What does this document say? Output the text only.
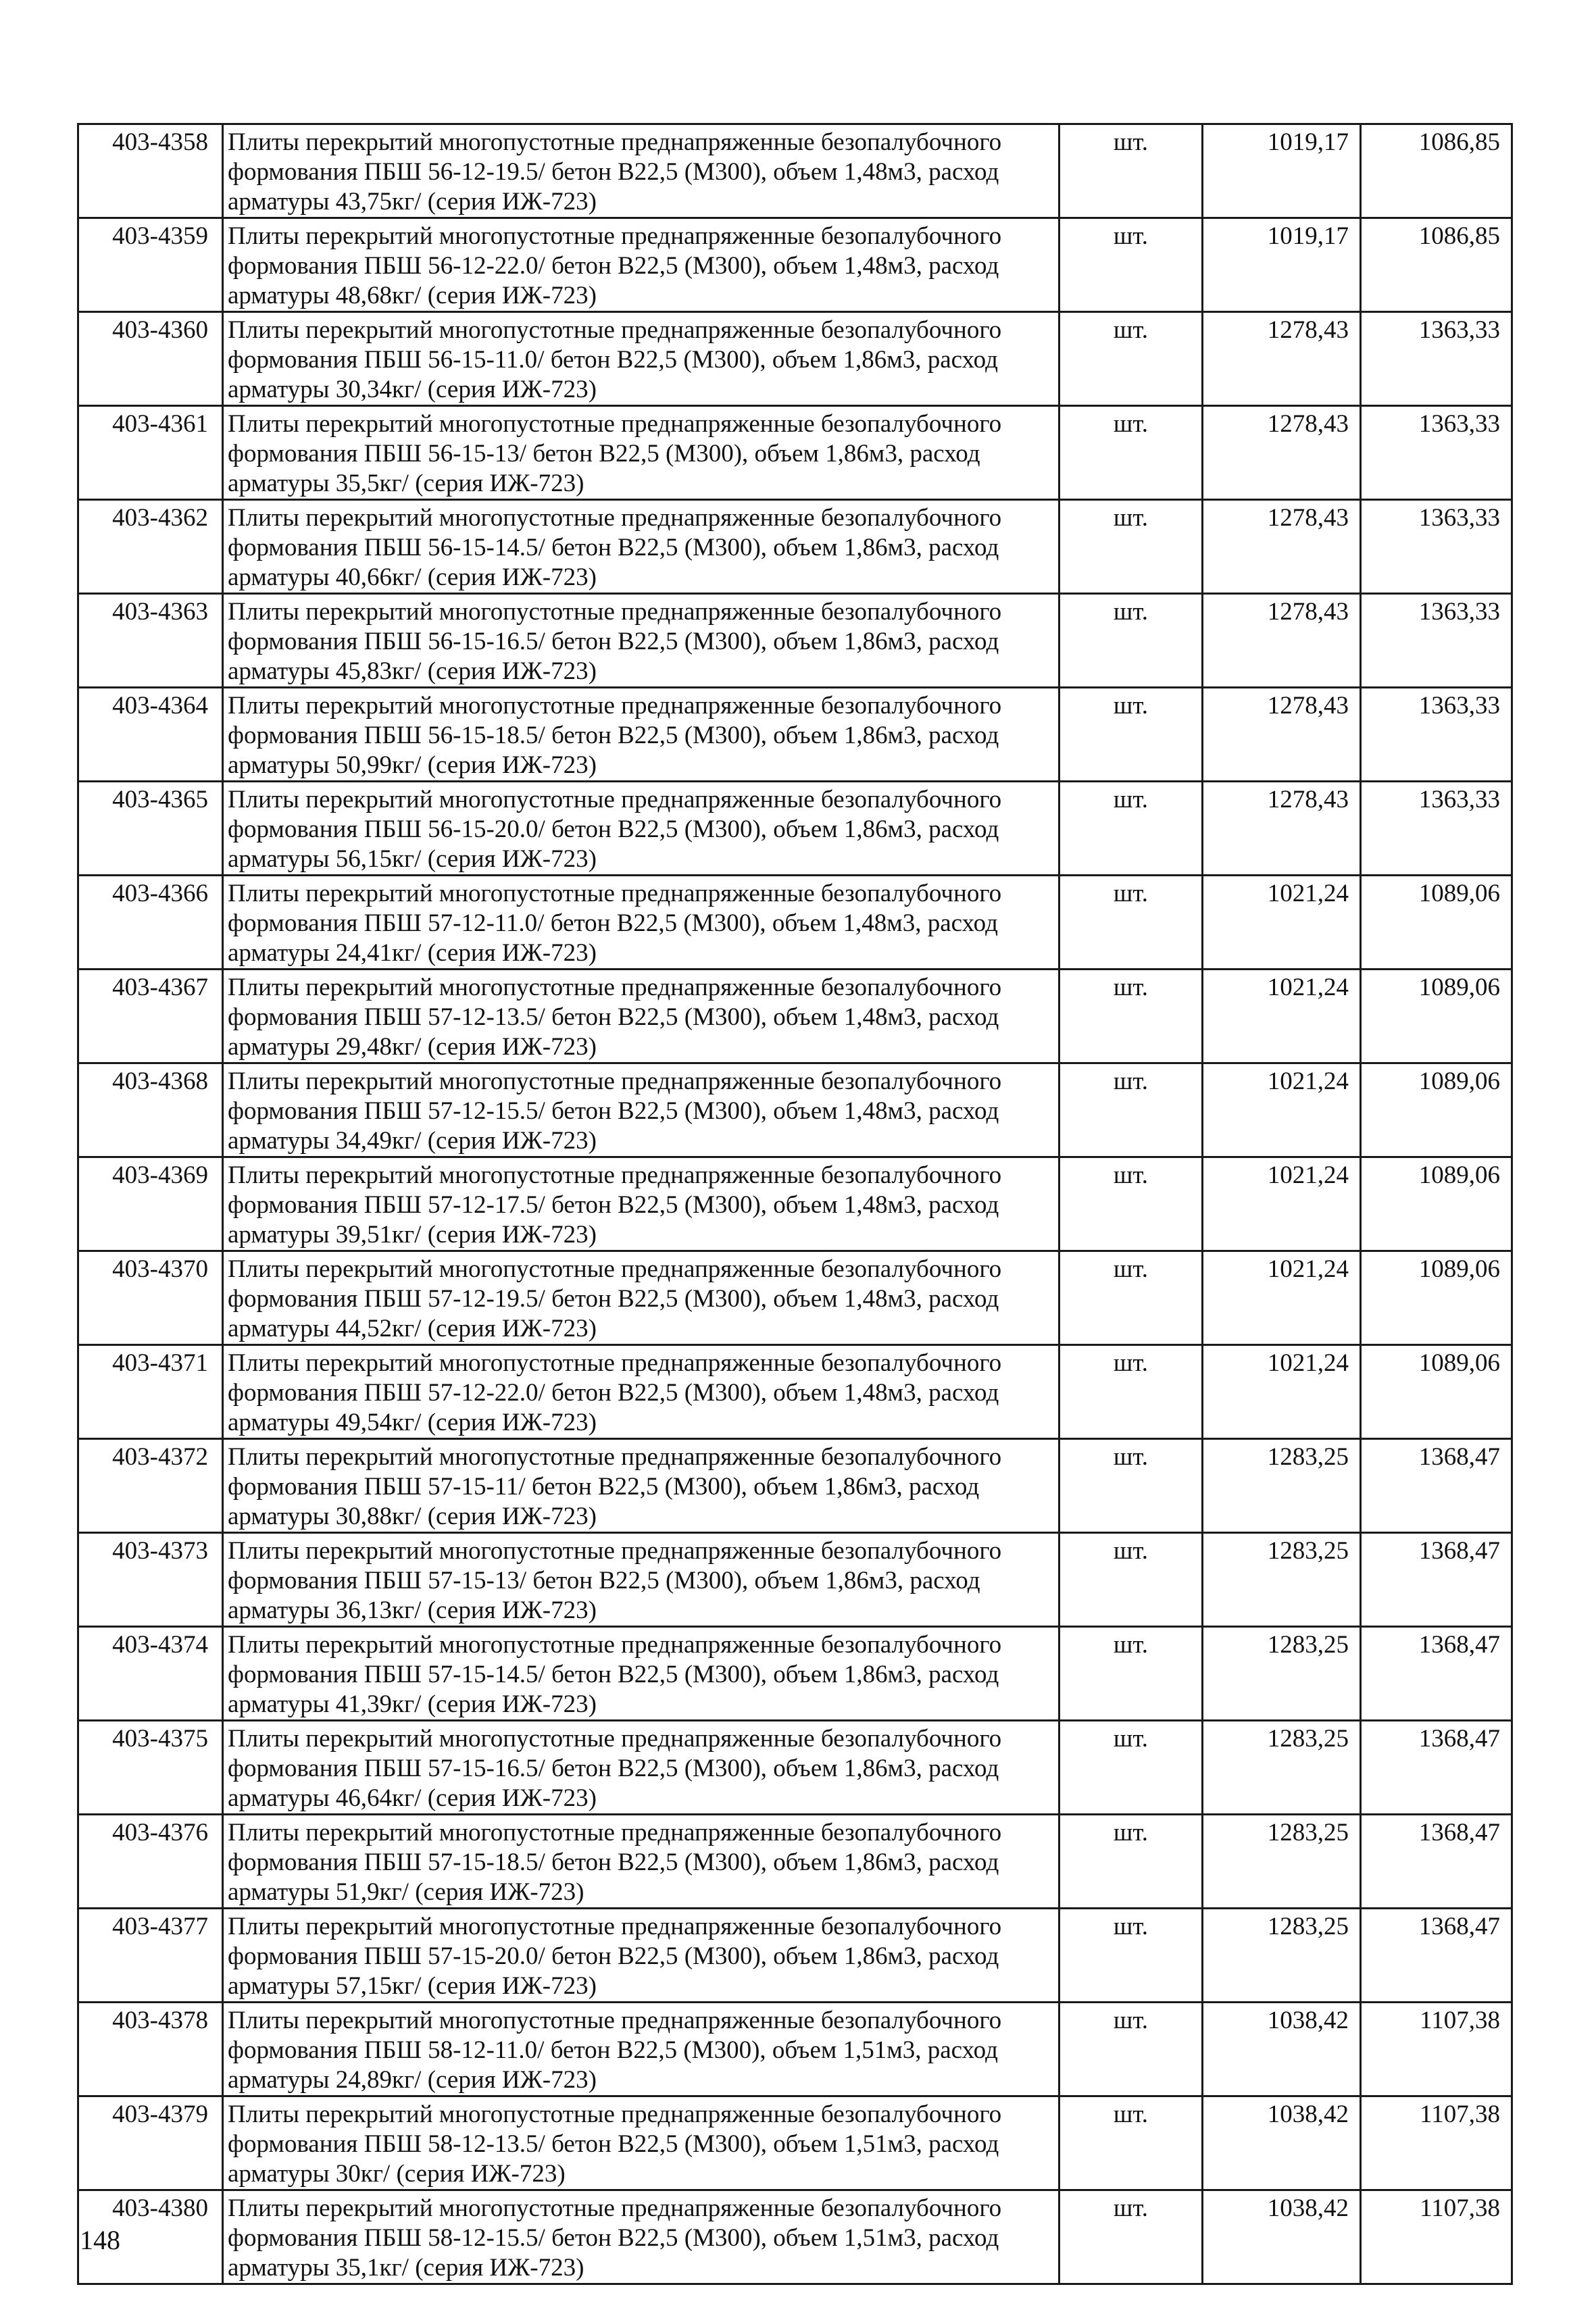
403-4358	Плиты перекрытий многопустотные преднапряженные безопалубочного формования ПБШ 56-12-19.5/ бетон В22,5 (М300), объем 1,48м3, расход арматуры 43,75кг/ (серия ИЖ-723)	шт.	1019,17	1086,85
403-4359	Плиты перекрытий многопустотные преднапряженные безопалубочного формования ПБШ 56-12-22.0/ бетон В22,5 (М300), объем 1,48м3, расход арматуры 48,68кг/ (серия ИЖ-723)	шт.	1019,17	1086,85
403-4360	Плиты перекрытий многопустотные преднапряженные безопалубочного формования ПБШ 56-15-11.0/ бетон В22,5 (М300), объем 1,86м3, расход арматуры 30,34кг/ (серия ИЖ-723)	шт.	1278,43	1363,33
403-4361	Плиты перекрытий многопустотные преднапряженные безопалубочного формования ПБШ 56-15-13/ бетон В22,5 (М300), объем 1,86м3, расход арматуры 35,5кг/ (серия ИЖ-723)	шт.	1278,43	1363,33
403-4362	Плиты перекрытий многопустотные преднапряженные безопалубочного формования ПБШ 56-15-14.5/ бетон В22,5 (М300), объем 1,86м3, расход арматуры 40,66кг/ (серия ИЖ-723)	шт.	1278,43	1363,33
403-4363	Плиты перекрытий многопустотные преднапряженные безопалубочного формования ПБШ 56-15-16.5/ бетон В22,5 (М300), объем 1,86м3, расход арматуры 45,83кг/ (серия ИЖ-723)	шт.	1278,43	1363,33
403-4364	Плиты перекрытий многопустотные преднапряженные безопалубочного формования ПБШ 56-15-18.5/ бетон В22,5 (М300), объем 1,86м3, расход арматуры 50,99кг/ (серия ИЖ-723)	шт.	1278,43	1363,33
403-4365	Плиты перекрытий многопустотные преднапряженные безопалубочного формования ПБШ 56-15-20.0/ бетон В22,5 (М300), объем 1,86м3, расход арматуры 56,15кг/ (серия ИЖ-723)	шт.	1278,43	1363,33
403-4366	Плиты перекрытий многопустотные преднапряженные безопалубочного формования ПБШ 57-12-11.0/ бетон В22,5 (М300), объем 1,48м3, расход арматуры 24,41кг/ (серия ИЖ-723)	шт.	1021,24	1089,06
403-4367	Плиты перекрытий многопустотные преднапряженные безопалубочного формования ПБШ 57-12-13.5/ бетон В22,5 (М300), объем 1,48м3, расход арматуры 29,48кг/ (серия ИЖ-723)	шт.	1021,24	1089,06
403-4368	Плиты перекрытий многопустотные преднапряженные безопалубочного формования ПБШ 57-12-15.5/ бетон В22,5 (М300), объем 1,48м3, расход арматуры 34,49кг/ (серия ИЖ-723)	шт.	1021,24	1089,06
403-4369	Плиты перекрытий многопустотные преднапряженные безопалубочного формования ПБШ 57-12-17.5/ бетон В22,5 (М300), объем 1,48м3, расход арматуры 39,51кг/ (серия ИЖ-723)	шт.	1021,24	1089,06
403-4370	Плиты перекрытий многопустотные преднапряженные безопалубочного формования ПБШ 57-12-19.5/ бетон В22,5 (М300), объем 1,48м3, расход арматуры 44,52кг/ (серия ИЖ-723)	шт.	1021,24	1089,06
403-4371	Плиты перекрытий многопустотные преднапряженные безопалубочного формования ПБШ 57-12-22.0/ бетон В22,5 (М300), объем 1,48м3, расход арматуры 49,54кг/ (серия ИЖ-723)	шт.	1021,24	1089,06
403-4372	Плиты перекрытий многопустотные преднапряженные безопалубочного формования ПБШ 57-15-11/ бетон В22,5 (М300), объем 1,86м3, расход арматуры 30,88кг/ (серия ИЖ-723)	шт.	1283,25	1368,47
403-4373	Плиты перекрытий многопустотные преднапряженные безопалубочного формования ПБШ 57-15-13/ бетон В22,5 (М300), объем 1,86м3, расход арматуры 36,13кг/ (серия ИЖ-723)	шт.	1283,25	1368,47
403-4374	Плиты перекрытий многопустотные преднапряженные безопалубочного формования ПБШ 57-15-14.5/ бетон В22,5 (М300), объем 1,86м3, расход арматуры 41,39кг/ (серия ИЖ-723)	шт.	1283,25	1368,47
403-4375	Плиты перекрытий многопустотные преднапряженные безопалубочного формования ПБШ 57-15-16.5/ бетон В22,5 (М300), объем 1,86м3, расход арматуры 46,64кг/ (серия ИЖ-723)	шт.	1283,25	1368,47
403-4376	Плиты перекрытий многопустотные преднапряженные безопалубочного формования ПБШ 57-15-18.5/ бетон В22,5 (М300), объем 1,86м3, расход арматуры 51,9кг/ (серия ИЖ-723)	шт.	1283,25	1368,47
403-4377	Плиты перекрытий многопустотные преднапряженные безопалубочного формования ПБШ 57-15-20.0/ бетон В22,5 (М300), объем 1,86м3, расход арматуры 57,15кг/ (серия ИЖ-723)	шт.	1283,25	1368,47
403-4378	Плиты перекрытий многопустотные преднапряженные безопалубочного формования ПБШ 58-12-11.0/ бетон В22,5 (М300), объем 1,51м3, расход арматуры 24,89кг/ (серия ИЖ-723)	шт.	1038,42	1107,38
403-4379	Плиты перекрытий многопустотные преднапряженные безопалубочного формования ПБШ 58-12-13.5/ бетон В22,5 (М300), объем 1,51м3, расход арматуры 30кг/ (серия ИЖ-723)	шт.	1038,42	1107,38
403-4380	Плиты перекрытий многопустотные преднапряженные безопалубочного формования ПБШ 58-12-15.5/ бетон В22,5 (М300), объем 1,51м3, расход арматуры 35,1кг/ (серия ИЖ-723)	шт.	1038,42	1107,38
148
